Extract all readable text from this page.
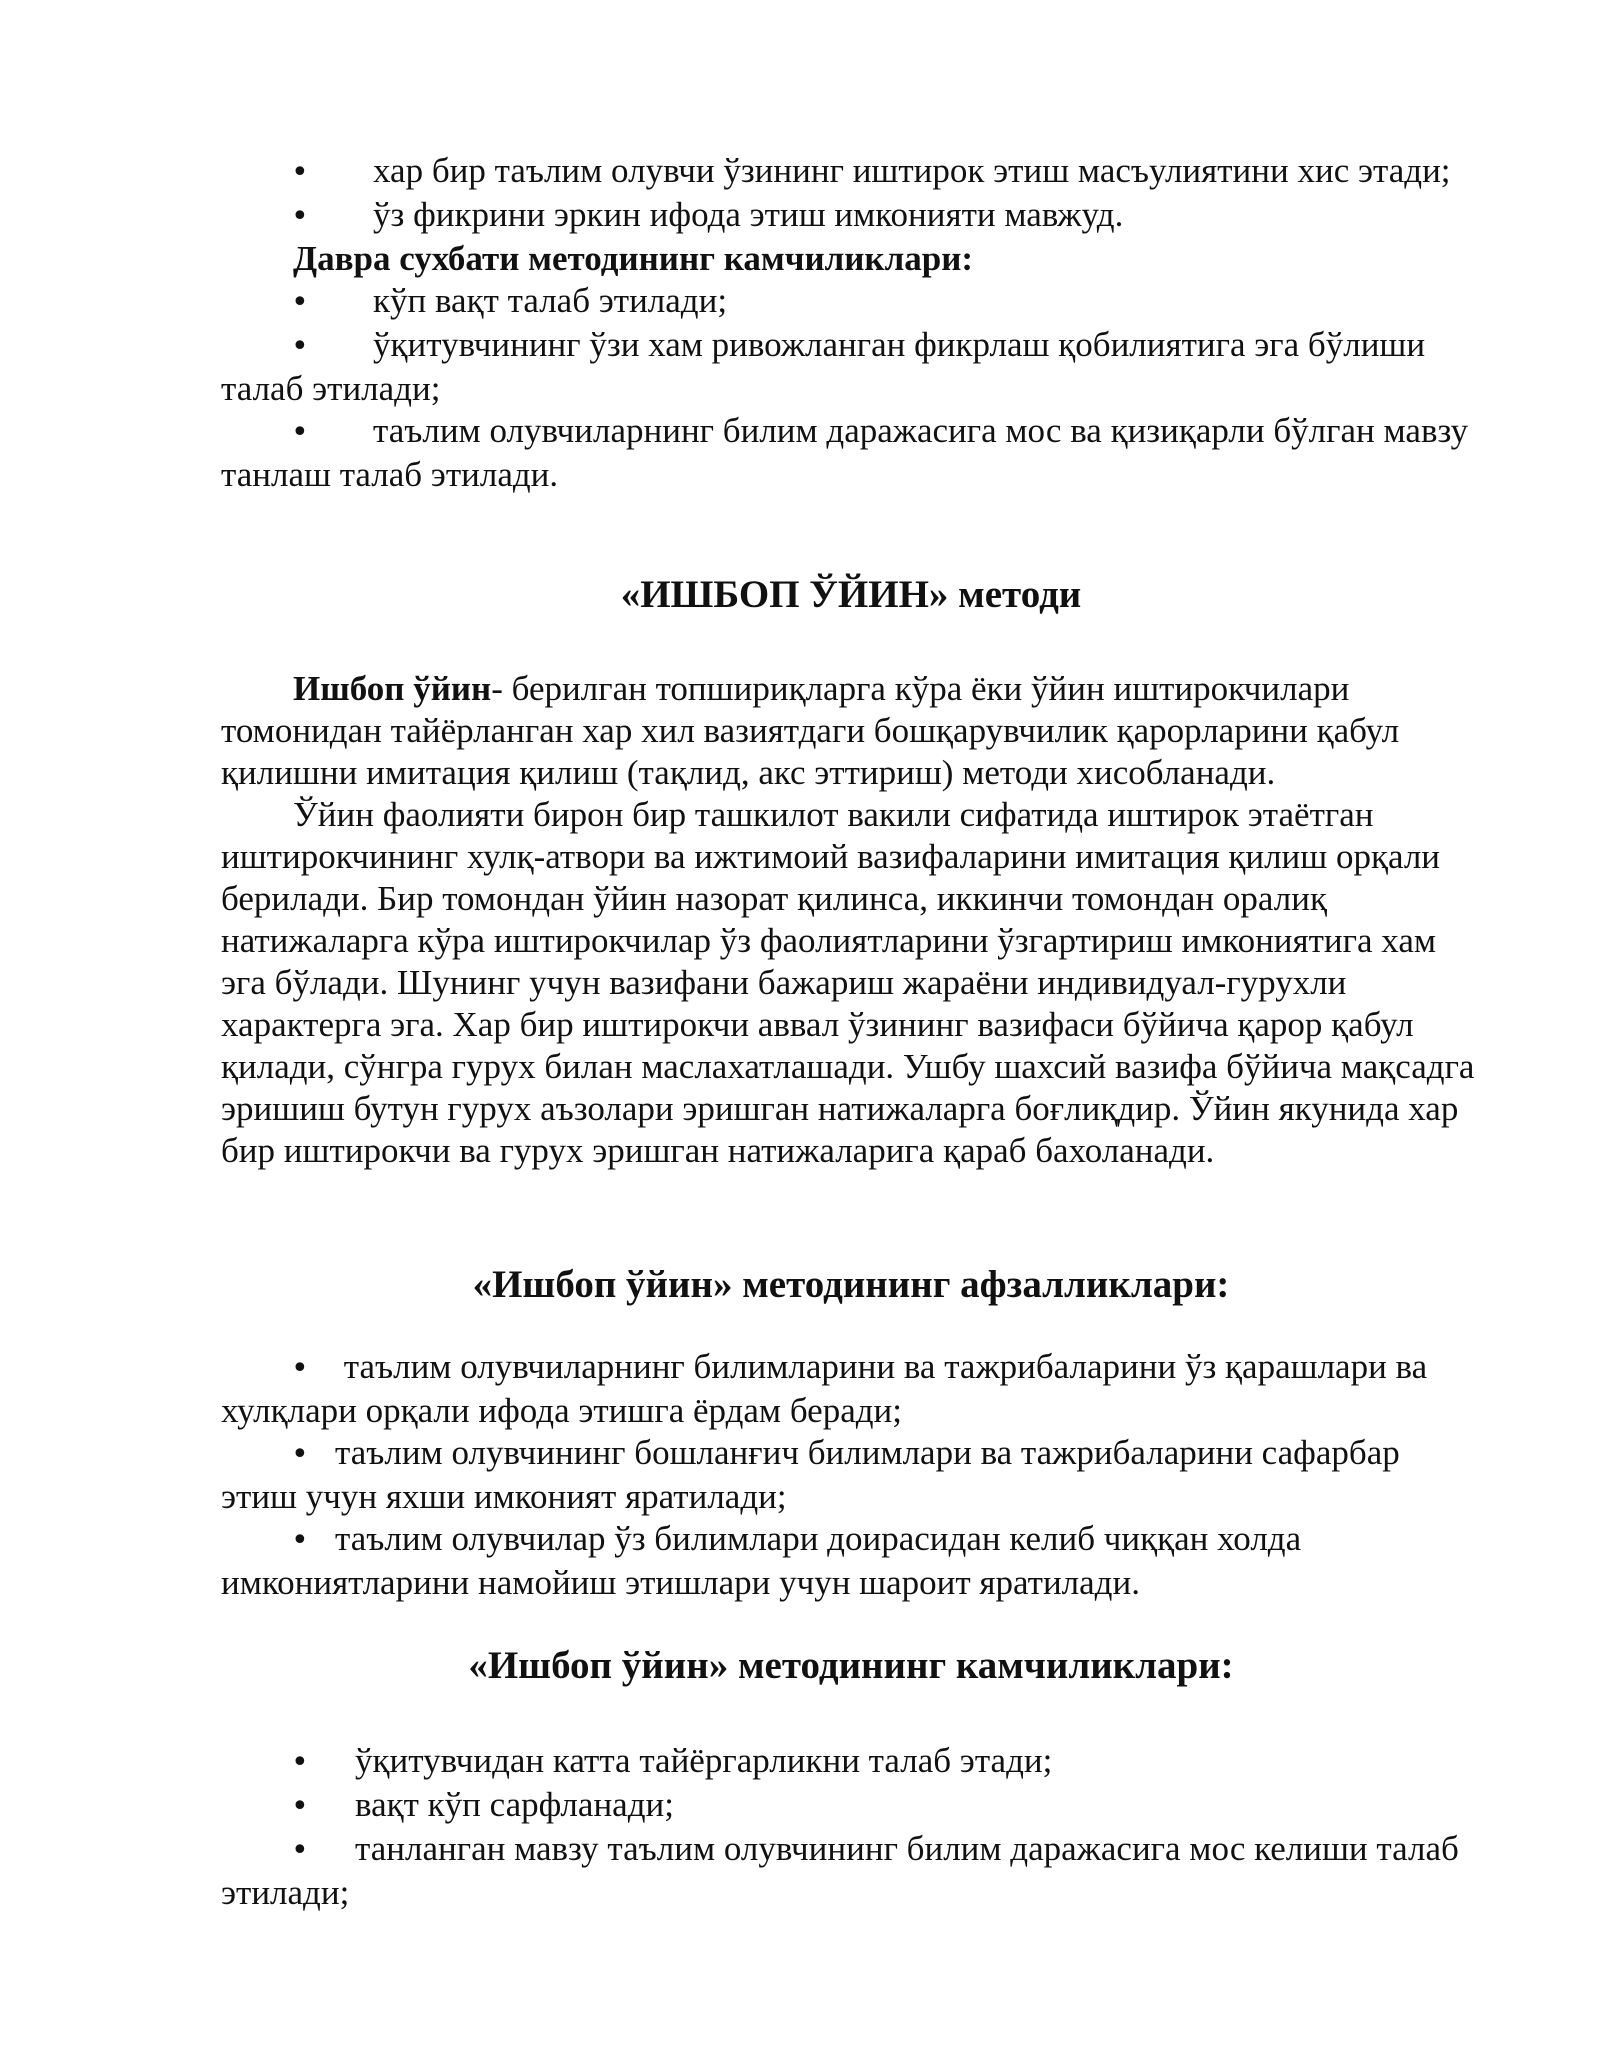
• хар бир таълим олувчи ўзининг иштирок этиш масъулиятини хис этади;
• ўз фикрини эркин ифода этиш имконияти мавжуд.
Давра сухбати методининг камчиликлари:
• кўп вақт талаб этилади;
• ўқитувчининг ўзи хам ривожланган фикрлаш қобилиятига эга бўлиши талаб этилади;
• таълим олувчиларнинг билим даражасига мос ва қизиқарли бўлган мавзу танлаш талаб этилади.
«ИШБОП ЎЙИН» методи

Ишбоп ўйин- берилган топшириқларга кўра ёки ўйин иштирокчилари томонидан тайёрланган хар хил вазиятдаги бошқарувчилик қарорларини қабул қилишни имитация қилиш (тақлид, акс эттириш) методи хисобланади.

Ўйин фаолияти бирон бир ташкилот вакили сифатида иштирок этаётган иштирокчининг хулқ-атвори ва ижтимоий вазифаларини имитация қилиш орқали берилади. Бир томондан ўйин назорат қилинса, иккинчи томондан оралиқ натижаларга кўра иштирокчилар ўз фаолиятларини ўзгартириш имкониятига хам эга бўлади. Шунинг учун вазифани бажариш жараёни индивидуал-гурухли характерга эга. Хар бир иштирокчи аввал ўзининг вазифаси бўйича қарор қабул қилади, сўнгра гурух билан маслахатлашади. Ушбу шахсий вазифа бўйича мақсадга эришиш бутун гурух аъзолари эришган натижаларга боғлиқдир. Ўйин якунида хар бир иштирокчи ва гурух эришган натижаларига қараб бахоланади.

«Ишбоп ўйин» методининг афзалликлари:
• таълим олувчиларнинг билимларини ва тажрибаларини ўз қарашлари ва хулқлари орқали ифода этишга ёрдам беради;
• таълим олувчининг бошланғич билимлари ва тажрибаларини сафарбар этиш учун яхши имконият яратилади;
• таълим олувчилар ўз билимлари доирасидан келиб чиққан холда имкониятларини намойиш этишлари учун шароит яратилади.
«Ишбоп ўйин» методининг камчиликлари:
• ўқитувчидан катта тайёргарликни талаб этади;
• вақт кўп сарфланади;
• танланган мавзу таълим олувчининг билим даражасига мос келиши талаб этилади;
